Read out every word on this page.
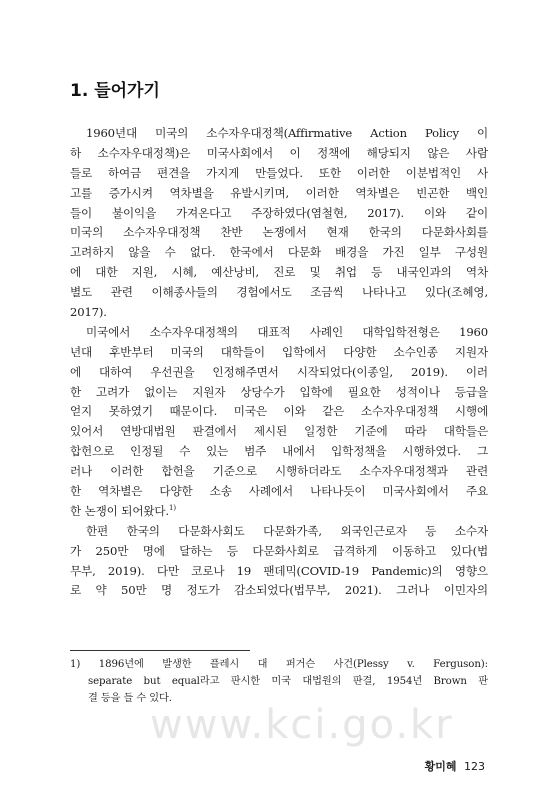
1. 들어가기

1960년대 미국의 소수자우대정책(Affirmative Action Policy 이
하 소수자우대정책)은 미국사회에서 이 정책에 해당되지 않은 사람
들로 하여금 편견을 가지게 만들었다. 또한 이러한 이분법적인 사
고를 증가시켜 역차별을 유발시키며, 이러한 역차별은 빈곤한 백인
들이 불이익을 가져온다고 주장하였다(염철현, 2017). 이와 같이
미국의 소수자우대정책 찬반 논쟁에서 현재 한국의 다문화사회를
고려하지 않을 수 없다. 한국에서 다문화 배경을 가진 일부 구성원
에 대한 지원, 시혜, 예산낭비, 진로 및 취업 등 내국인과의 역차
별도 관련 이해종사들의 경험에서도 조금씩 나타나고 있다(조혜영,
2017).

미국에서 소수자우대정책의 대표적 사례인 대학입학전형은 1960
년대 후반부터 미국의 대학들이 입학에서 다양한 소수인종 지원자
에 대하여 우선권을 인정해주면서 시작되었다(이종일, 2019). 이러
한 고려가 없이는 지원자 상당수가 입학에 필요한 성적이나 등급을
얻지 못하였기 때문이다. 미국은 이와 같은 소수자우대정책 시행에
있어서 연방대법원 판결에서 제시된 일정한 기준에 따라 대학들은
합헌으로 인정될 수 있는 범주 내에서 입학정책을 시행하였다. 그
러나 이러한 합헌을 기준으로 시행하더라도 소수자우대정책과 관련
한 역차별은 다양한 소송 사례에서 나타나듯이 미국사회에서 주요
한 논쟁이 되어왔다.$^{1)}$

한편 한국의 다문화사회도 다문화가족, 외국인근로자 등 소수자
가 250만 명에 달하는 등 다문화사회로 급격하게 이동하고 있다(법
무부, 2019). 다만 코로나 19 팬데믹(COVID-19 Pandemic)의 영향으
로 약 50만 명 정도가 감소되었다(법무부, 2021). 그러나 이민자의

1) 1896년에 발생한 플레시 대 퍼거슨 사건(Plessy v. Ferguson):
separate but equal라고 판시한 미국 대법원의 판결, 1954년 Brown 판
결 등을 들 수 있다.
www.kci.go.kr
황미혜 123
